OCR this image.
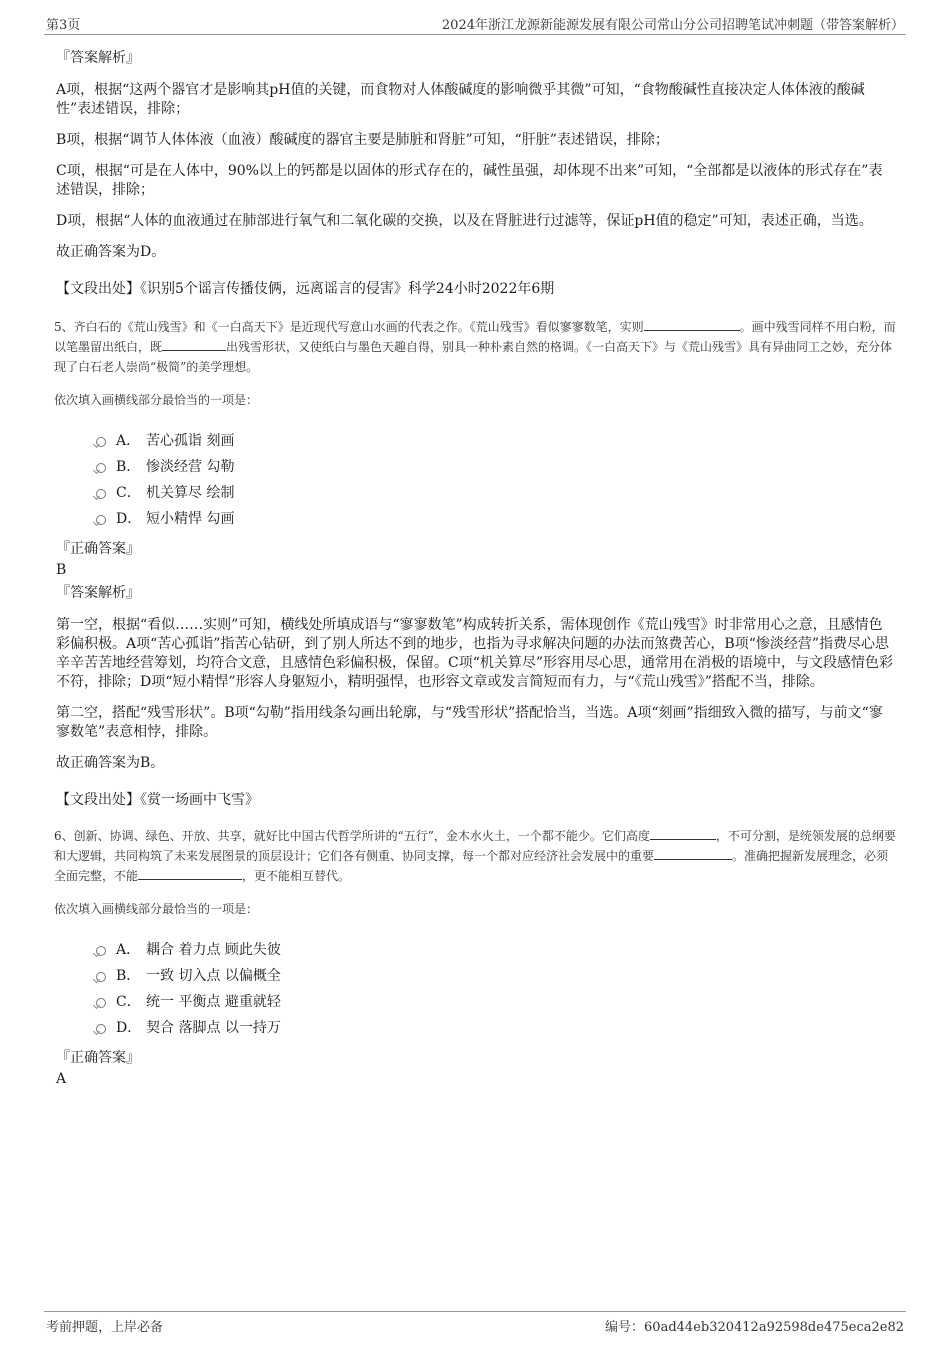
第3页	2024年浙江龙源新能源发展有限公司常山分公司招聘笔试冲刺题（带答案解析）
『答案解析』

A项，根据“这两个器官才是影响其pH值的关键，而食物对人体酸碱度的影响微乎其微”可知，“食物酸碱性直接决定人体体液的酸碱性”表述错误，排除；

B项，根据“调节人体体液（血液）酸碱度的器官主要是肺脏和肾脏”可知，“肝脏”表述错误，排除；

C项，根据“可是在人体中，90%以上的钙都是以固体的形式存在的，碱性虽强，却体现不出来”可知，“全部都是以液体的形式存在”表述错误，排除；

D项，根据“人体的血液通过在肺部进行氧气和二氧化碳的交换，以及在肾脏进行过滤等，保证pH值的稳定”可知，表述正确，当选。

故正确答案为D。

【文段出处】《识别5个谣言传播伎俩，远离谣言的侵害》科学24小时2022年6期

5、齐白石的《荒山残雪》和《一白高天下》是近现代写意山水画的代表之作。《荒山残雪》看似寥寥数笔，实则	。画中残雪同样不用白粉，而以笔墨留出纸白，既	出残雪形状，又使纸白与墨色天趣自得，别具一种朴素自然的格调。《一白高天下》与《荒山残雪》具有异曲同工之妙，充分体现了白石老人崇尚“极简”的美学理想。
依次填入画横线部分最恰当的一项是：
A． 苦心孤诣 刻画
B． 惨淡经营 勾勒
C． 机关算尽 绘制
D． 短小精悍 勾画
『正确答案』
B
『答案解析』

第一空，根据“看似……实则”可知，横线处所填成语与“寥寥数笔”构成转折关系，需体现创作《荒山残雪》时非常用心之意，且感情色彩偏积极。A项“苦心孤诣”指苦心钻研，到了别人所达不到的地步，也指为寻求解决问题的办法而煞费苦心，B项“惨淡经营”指费尽心思辛辛苦苦地经营筹划，均符合文意，且感情色彩偏积极，保留。C项“机关算尽”形容用尽心思，通常用在消极的语境中，与文段感情色彩不符，排除；D项“短小精悍”形容人身躯短小，精明强悍，也形容文章或发言简短而有力，与“《荒山残雪》”搭配不当，排除。

第二空，搭配“残雪形状”。B项“勾勒”指用线条勾画出轮廓，与“残雪形状”搭配恰当，当选。A项“刻画”指细致入微的描写，与前文“寥寥数笔”表意相悖，排除。

故正确答案为B。

【文段出处】《赏一场画中飞雪》

6、创新、协调、绿色、开放、共享，就好比中国古代哲学所讲的“五行”，金木水火土，一个都不能少。它们高度	，不可分割，是统领发展的总纲要和大逻辑，共同构筑了未来发展图景的顶层设计；它们各有侧重、协同支撑，每一个都对应经济社会发展中的重要	。准确把握新发展理念，必须全面完整，不能	，更不能相互替代。
依次填入画横线部分最恰当的一项是：
A． 耦合 着力点 顾此失彼
B． 一致 切入点 以偏概全
C． 统一 平衡点 避重就轻
D． 契合 落脚点 以一持万
『正确答案』
A
考前押题，上岸必备	编号：60ad44eb320412a92598de475eca2e82
